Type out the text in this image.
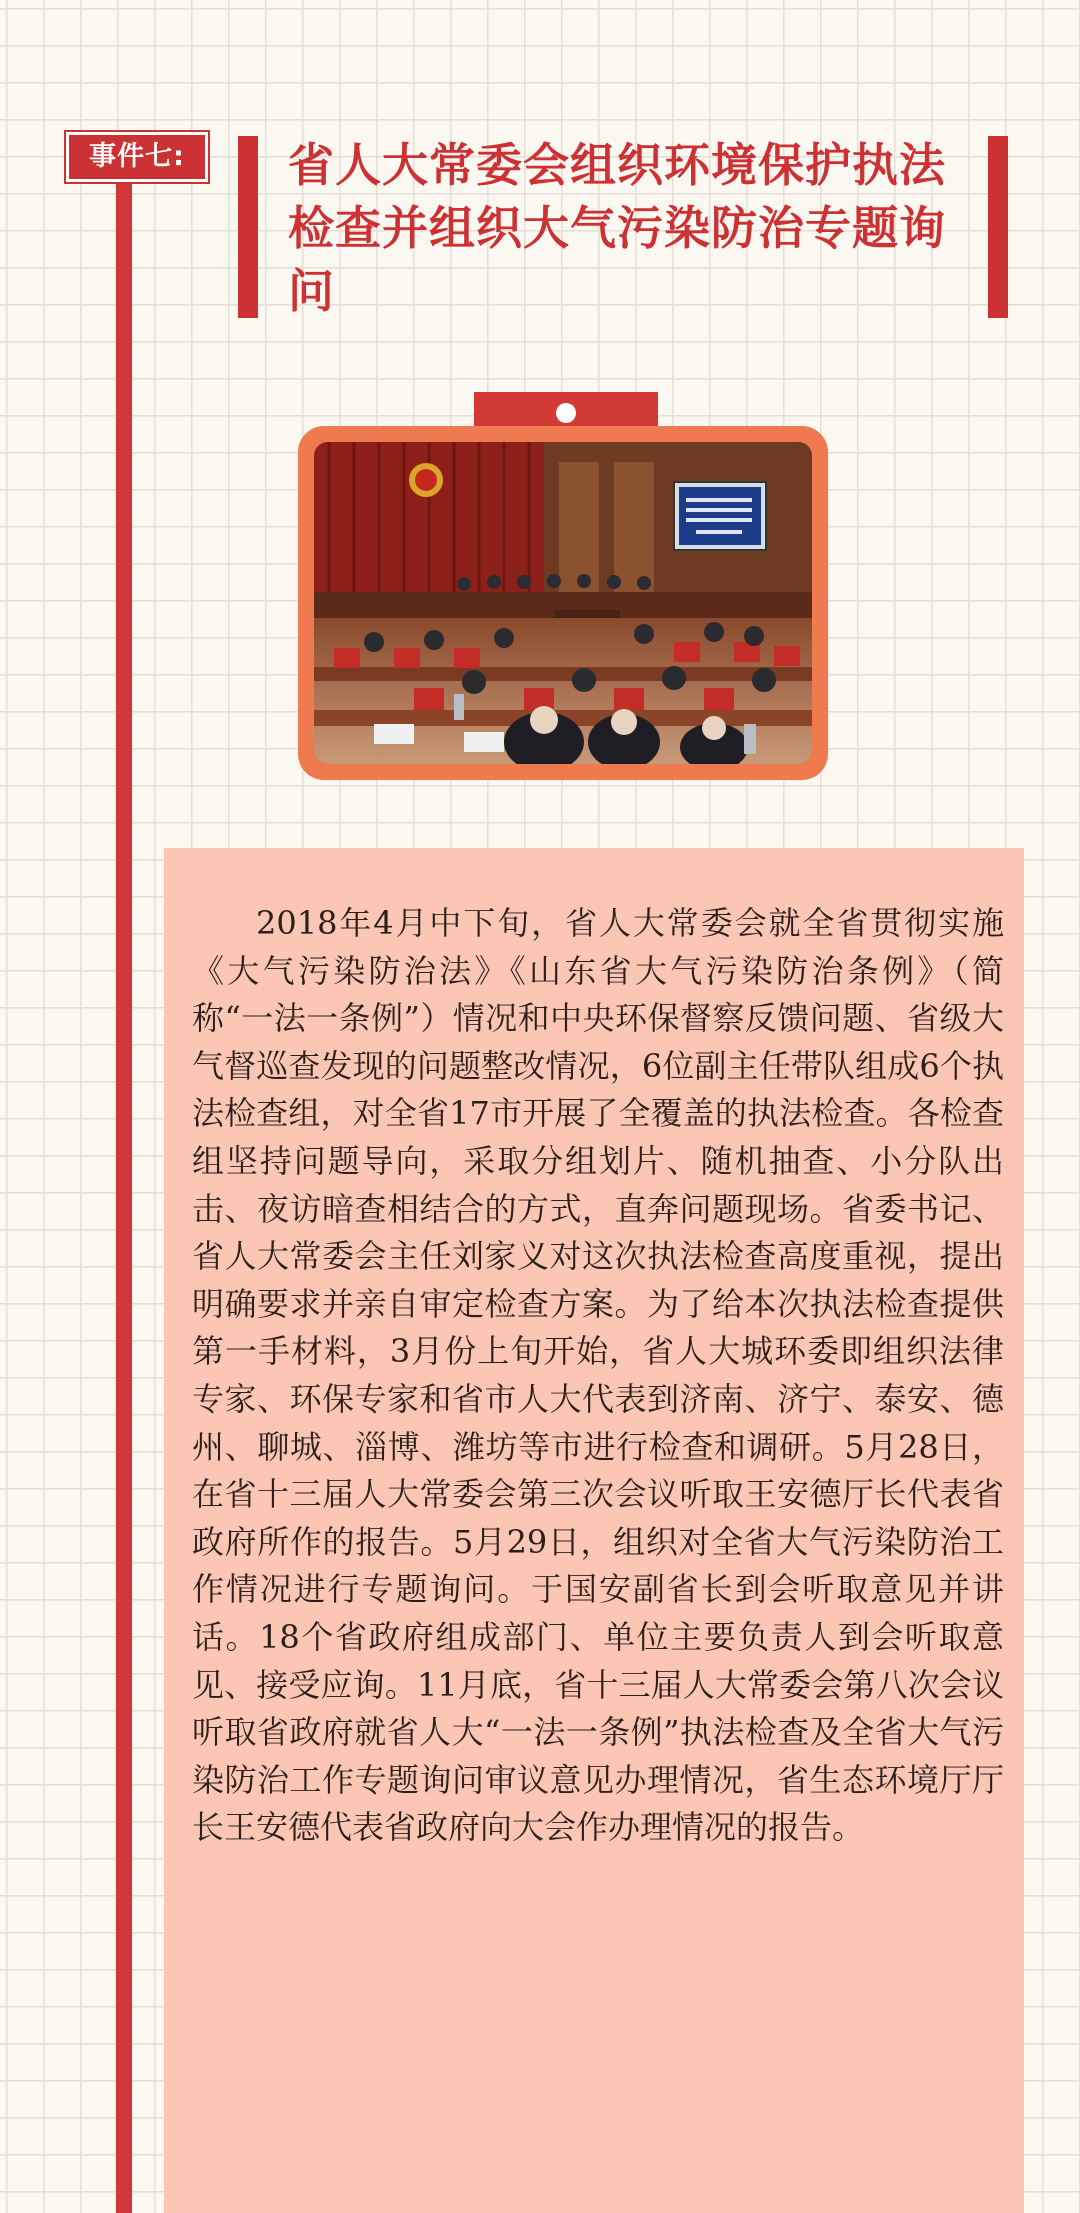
事件七:	省人大常委会组织环境保护执法检查并组织大气污染防治专题询问

2018年4月中下旬，省人大常委会就全省贯彻实施《大气污染防治法》《山东省大气污染防治条例》（简称“一法一条例”）情况和中央环保督察反馈问题、省级大气督巡查发现的问题整改情况，6位副主任带队组成6个执法检查组，对全省17市开展了全覆盖的执法检查。各检查组坚持问题导向，采取分组划片、随机抽查、小分队出击、夜访暗查相结合的方式，直奔问题现场。省委书记、省人大常委会主任刘家义对这次执法检查高度重视，提出明确要求并亲自审定检查方案。为了给本次执法检查提供第一手材料，3月份上旬开始，省人大城环委即组织法律专家、环保专家和省市人大代表到济南、济宁、泰安、德州、聊城、淄博、潍坊等市进行检查和调研。5月28日，在省十三届人大常委会第三次会议听取王安德厅长代表省政府所作的报告。5月29日，组织对全省大气污染防治工作情况进行专题询问。于国安副省长到会听取意见并讲话。18个省政府组成部门、单位主要负责人到会听取意见、接受应询。11月底，省十三届人大常委会第八次会议听取省政府就省人大“一法一条例”执法检查及全省大气污染防治工作专题询问审议意见办理情况，省生态环境厅厅长王安德代表省政府向大会作办理情况的报告。
